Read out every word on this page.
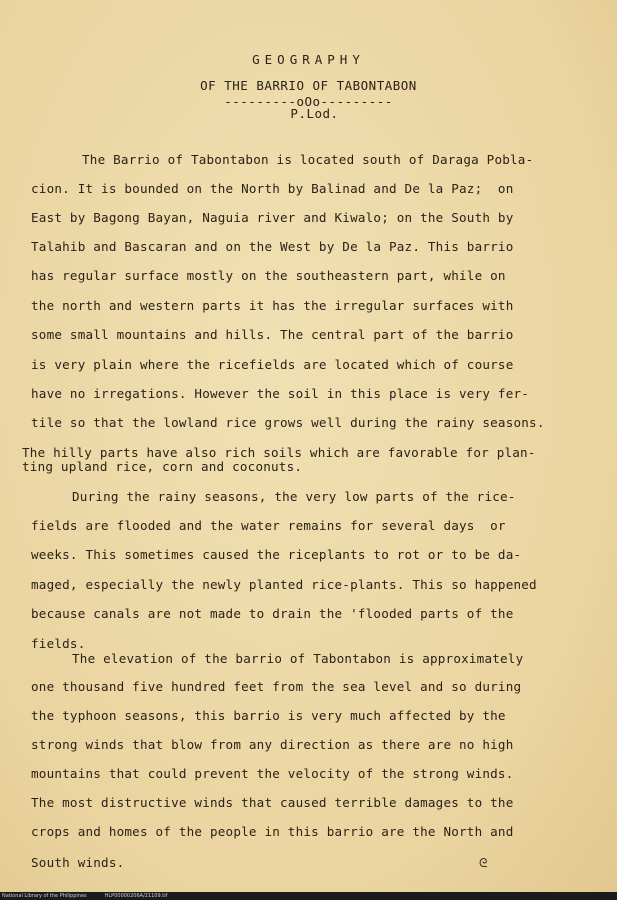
GEOGRAPHY
OF THE BARRIO OF TABONTABON
---------oOo---------
P.Lod.
The Barrio of Tabontabon is located south of Daraga Pobla-
cion. It is bounded on the North by Balinad and De la Paz;  on
East by Bagong Bayan, Naguia river and Kiwalo; on the South by
Talahib and Bascaran and on the West by De la Paz. This barrio
has regular surface mostly on the southeastern part, while on
the north and western parts it has the irregular surfaces with
some small mountains and hills. The central part of the barrio
is very plain where the ricefields are located which of course
have no irregations. However the soil in this place is very fer-
tile so that the lowland rice grows well during the rainy seasons.
The hilly parts have also rich soils which are favorable for plan-
ting upland rice, corn and coconuts.
During the rainy seasons, the very low parts of the rice-
fields are flooded and the water remains for several days  or
weeks. This sometimes caused the riceplants to rot or to be da-
maged, especially the newly planted rice-plants. This so happened
because canals are not made to drain the 'flooded parts of the
fields.
The elevation of the barrio of Tabontabon is approximately
one thousand five hundred feet from the sea level and so during
the typhoon seasons, this barrio is very much affected by the
strong winds that blow from any direction as there are no high
mountains that could prevent the velocity of the strong winds.
The most distructive winds that caused terrible damages to the
crops and homes of the people in this barrio are the North and
South winds.	ᘓ
National Library of the Philippines	HLP00000206A/21109.tif
